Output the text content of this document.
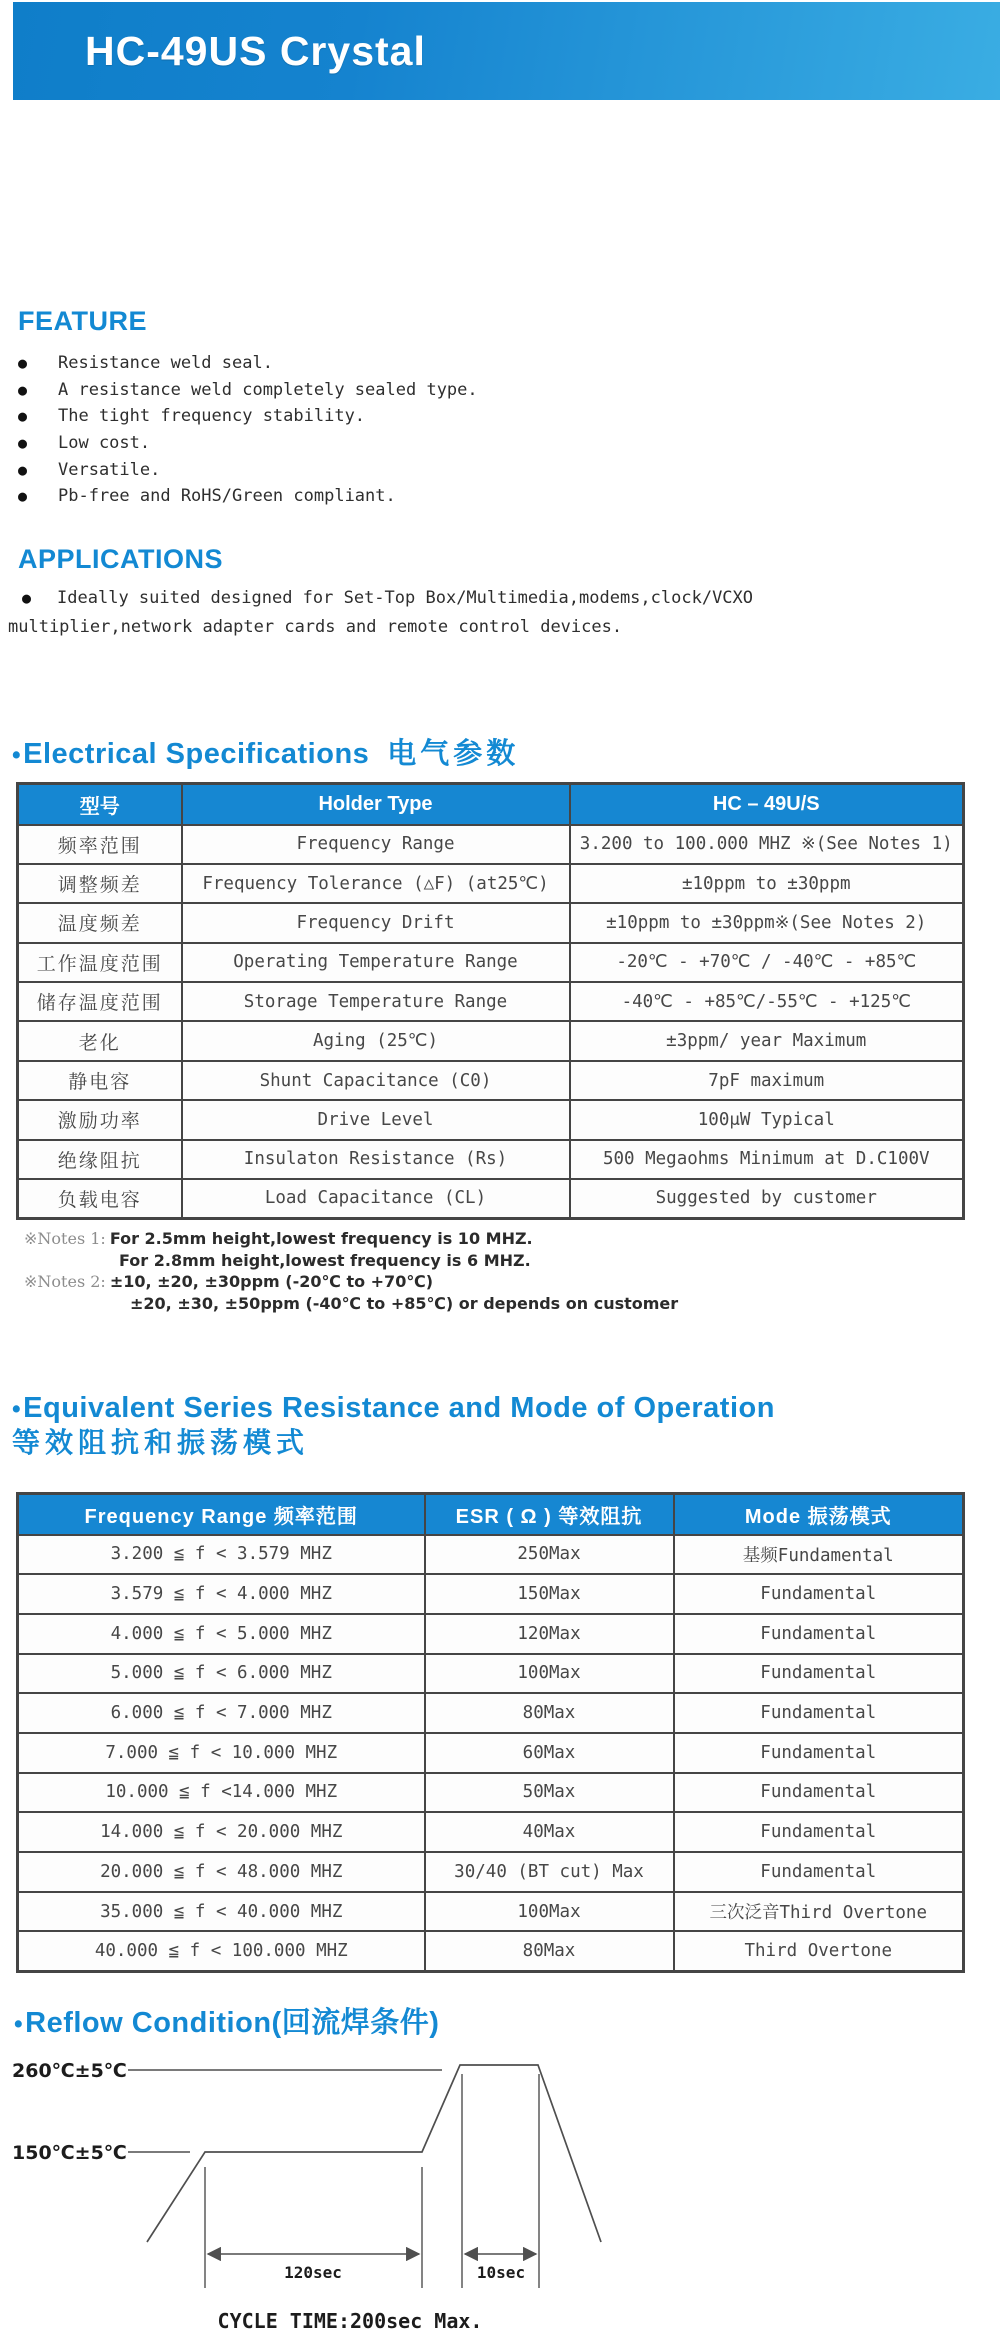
HC-49US Crystal
FEATURE
●	Resistance weld seal.
●	A resistance weld completely sealed type.
●	The tight frequency stability.
●	Low cost.
●	Versatile.
●	Pb-free and RoHS/Green compliant.
APPLICATIONS
● Ideally suited designed for Set-Top Box/Multimedia,modems,clock/VCXO
multiplier,network adapter cards and remote control devices.
•Electrical Specifications 电气参数
型号	Holder Type	HC – 49U/S
频率范围	Frequency Range	3.200 to 100.000 MHZ ※(See Notes 1)
调整频差	Frequency Tolerance (△F) (at25℃)	±10ppm to ±30ppm
温度频差	Frequency Drift	±10ppm to ±30ppm※(See Notes 2)
工作温度范围	Operating Temperature Range	-20℃ - +70℃ / -40℃ - +85℃
储存温度范围	Storage Temperature Range	-40℃ - +85℃/-55℃ - +125℃
老化	Aging (25℃)	±3ppm/ year Maximum
静电容	Shunt Capacitance (C0)	7pF maximum
激励功率	Drive Level	100μW Typical
绝缘阻抗	Insulaton Resistance (Rs)	500 Megaohms Minimum at D.C100V
负载电容	Load Capacitance (CL)	Suggested by customer
※Notes 1: For 2.5mm height,lowest frequency is 10 MHZ.
For 2.8mm height,lowest frequency is 6 MHZ.
※Notes 2: ±10, ±20, ±30ppm (-20℃ to +70℃)
±20, ±30, ±50ppm (-40℃ to +85℃) or depends on customer
•Equivalent Series Resistance and Mode of Operation
等效阻抗和振荡模式
Frequency Range 频率范围	ESR ( Ω ) 等效阻抗	Mode 振荡模式
3.200 ≦ f < 3.579 MHZ	250Max	基频Fundamental
3.579 ≦ f < 4.000 MHZ	150Max	Fundamental
4.000 ≦ f < 5.000 MHZ	120Max	Fundamental
5.000 ≦ f < 6.000 MHZ	100Max	Fundamental
6.000 ≦ f < 7.000 MHZ	80Max	Fundamental
7.000 ≦ f < 10.000 MHZ	60Max	Fundamental
10.000 ≦ f <14.000 MHZ	50Max	Fundamental
14.000 ≦ f < 20.000 MHZ	40Max	Fundamental
20.000 ≦ f < 48.000 MHZ	30/40 (BT cut) Max	Fundamental
35.000 ≦ f < 40.000 MHZ	100Max	三次泛音Third Overtone
40.000 ≦ f < 100.000 MHZ	80Max	Third Overtone
•Reflow Condition(回流焊条件)
260℃±5℃
150℃±5℃
120sec	10sec
CYCLE TIME:200sec Max.
